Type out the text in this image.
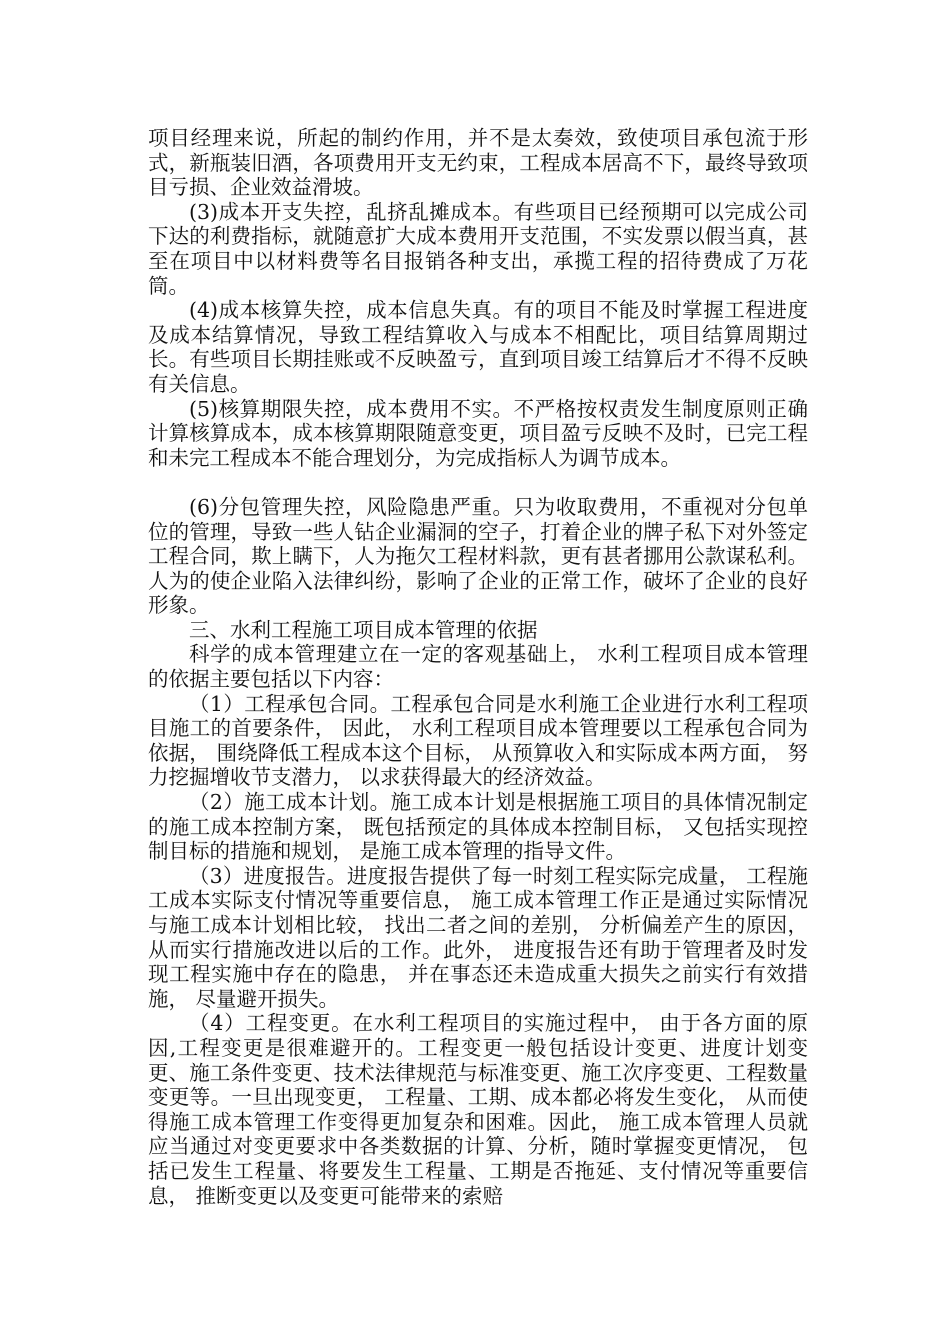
项目经理来说，所起的制约作用，并不是太奏效，致使项目承包流于形式，新瓶装旧酒，各项费用开支无约束，工程成本居高不下，最终导致项目亏损、企业效益滑坡。

(3)成本开支失控，乱挤乱摊成本。有些项目已经预期可以完成公司下达的利费指标，就随意扩大成本费用开支范围，不实发票以假当真，甚至在项目中以材料费等名目报销各种支出，承揽工程的招待费成了万花筒。

(4)成本核算失控，成本信息失真。有的项目不能及时掌握工程进度及成本结算情况，导致工程结算收入与成本不相配比，项目结算周期过长。有些项目长期挂账或不反映盈亏，直到项目竣工结算后才不得不反映有关信息。

(5)核算期限失控，成本费用不实。不严格按权责发生制度原则正确计算核算成本，成本核算期限随意变更，项目盈亏反映不及时，已完工程和未完工程成本不能合理划分，为完成指标人为调节成本。

(6)分包管理失控，风险隐患严重。只为收取费用，不重视对分包单位的管理，导致一些人钻企业漏洞的空子，打着企业的牌子私下对外签定工程合同，欺上瞒下，人为拖欠工程材料款，更有甚者挪用公款谋私利。人为的使企业陷入法律纠纷，影响了企业的正常工作，破坏了企业的良好形象。

三、水利工程施工项目成本管理的依据

科学的成本管理建立在一定的客观基础上， 水利工程项目成本管理的依据主要包括以下内容：

（1）工程承包合同。工程承包合同是水利施工企业进行水利工程项目施工的首要条件， 因此， 水利工程项目成本管理要以工程承包合同为依据， 围绕降低工程成本这个目标， 从预算收入和实际成本两方面， 努力挖掘增收节支潜力， 以求获得最大的经济效益。

（2）施工成本计划。施工成本计划是根据施工项目的具体情况制定的施工成本控制方案， 既包括预定的具体成本控制目标， 又包括实现控制目标的措施和规划， 是施工成本管理的指导文件。

（3）进度报告。进度报告提供了每一时刻工程实际完成量， 工程施工成本实际支付情况等重要信息， 施工成本管理工作正是通过实际情况与施工成本计划相比较， 找出二者之间的差别， 分析偏差产生的原因， 从而实行措施改进以后的工作。此外， 进度报告还有助于管理者及时发现工程实施中存在的隐患， 并在事态还未造成重大损失之前实行有效措施， 尽量避开损失。

（4）工程变更。在水利工程项目的实施过程中， 由于各方面的原因,工程变更是很难避开的。工程变更一般包括设计变更、进度计划变更、施工条件变更、技术法律规范与标准变更、施工次序变更、工程数量变更等。一旦出现变更， 工程量、工期、成本都必将发生变化， 从而使得施工成本管理工作变得更加复杂和困难。因此， 施工成本管理人员就应当通过对变更要求中各类数据的计算、分析，随时掌握变更情况， 包括已发生工程量、将要发生工程量、工期是否拖延、支付情况等重要信息， 推断变更以及变更可能带来的索赔
